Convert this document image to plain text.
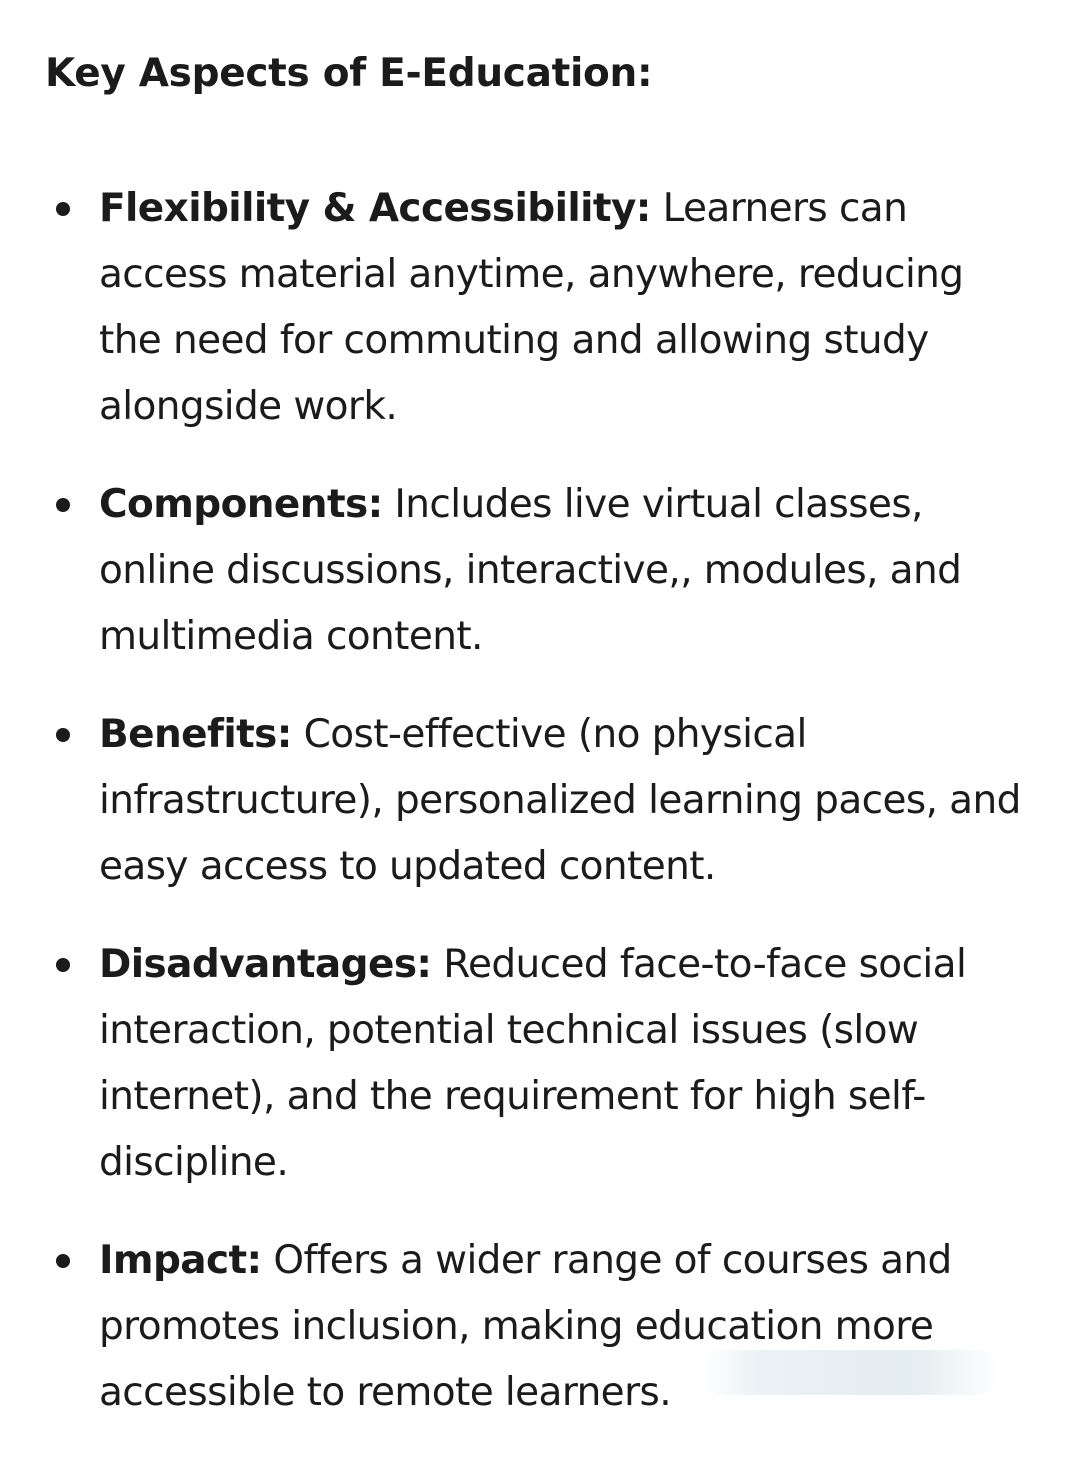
Key Aspects of E-Education:
Flexibility & Accessibility: Learners can access material anytime, anywhere, reducing the need for commuting and allowing study alongside work.
Components: Includes live virtual classes, online discussions, interactive,, modules, and multimedia content.
Benefits: Cost-effective (no physical infrastructure), personalized learning paces, and easy access to updated content.
Disadvantages: Reduced face-to-face social interaction, potential technical issues (slow internet), and the requirement for high self-discipline.
Impact: Offers a wider range of courses and promotes inclusion, making education more accessible to remote learners.
